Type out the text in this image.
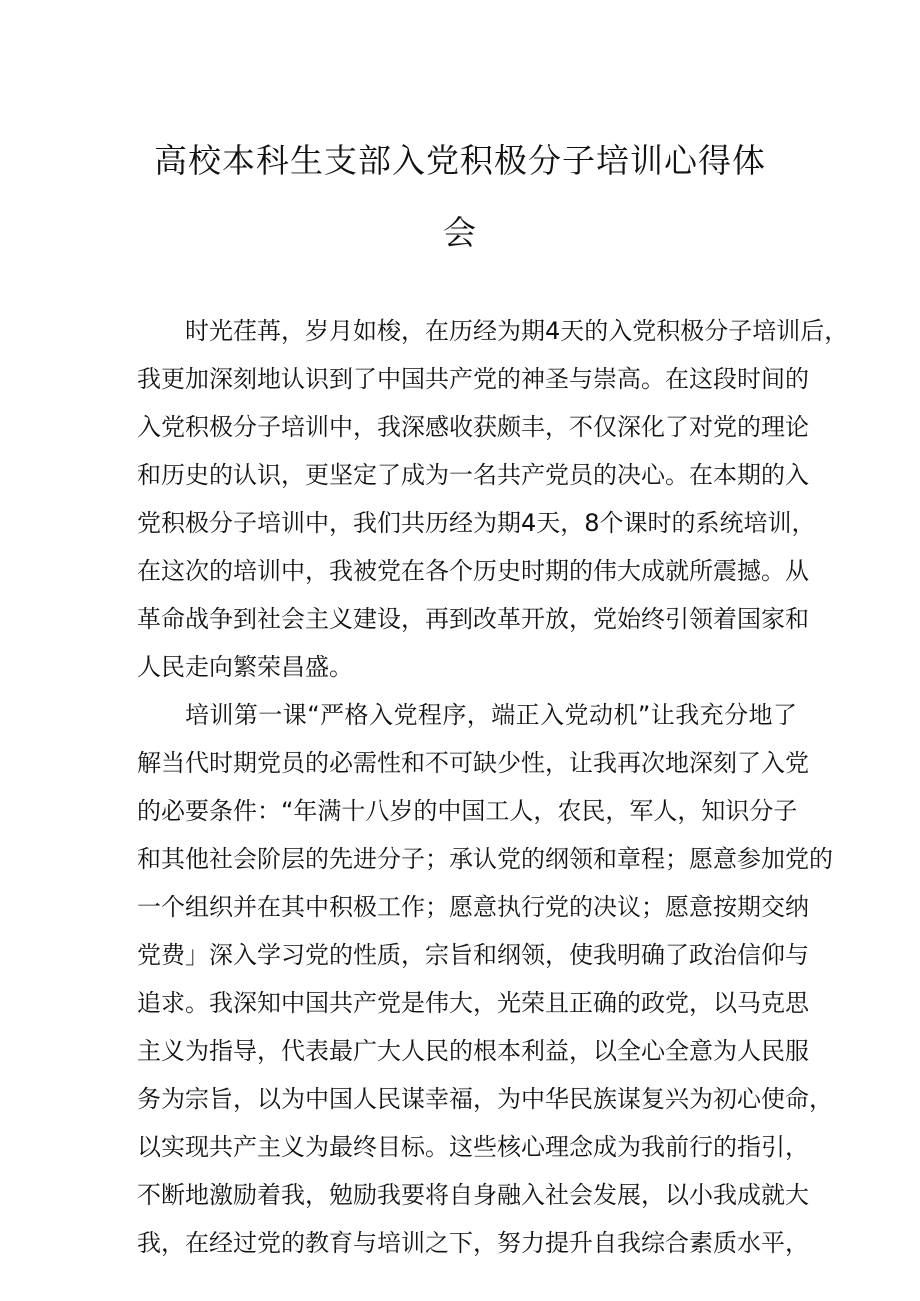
高校本科生支部入党积极分子培训心得体
会
时光荏苒，岁月如梭，在历经为期4天的入党积极分子培训后，
我更加深刻地认识到了中国共产党的神圣与崇高。在这段时间的
入党积极分子培训中，我深感收获颇丰，不仅深化了对党的理论
和历史的认识，更坚定了成为一名共产党员的决心。在本期的入
党积极分子培训中，我们共历经为期4天，8个课时的系统培训，
在这次的培训中，我被党在各个历史时期的伟大成就所震撼。从
革命战争到社会主义建设，再到改革开放，党始终引领着国家和
人民走向繁荣昌盛。
培训第一课“严格入党程序，端正入党动机”让我充分地了
解当代时期党员的必需性和不可缺少性，让我再次地深刻了入党
的必要条件：“年满十八岁的中国工人，农民，军人，知识分子
和其他社会阶层的先进分子；承认党的纲领和章程；愿意参加党的
一个组织并在其中积极工作；愿意执行党的决议；愿意按期交纳
党费」深入学习党的性质，宗旨和纲领，使我明确了政治信仰与
追求。我深知中国共产党是伟大，光荣且正确的政党，以马克思
主义为指导，代表最广大人民的根本利益，以全心全意为人民服
务为宗旨，以为中国人民谋幸福，为中华民族谋复兴为初心使命，
以实现共产主义为最终目标。这些核心理念成为我前行的指引，
不断地激励着我，勉励我要将自身融入社会发展，以小我成就大
我，在经过党的教育与培训之下，努力提升自我综合素质水平，
